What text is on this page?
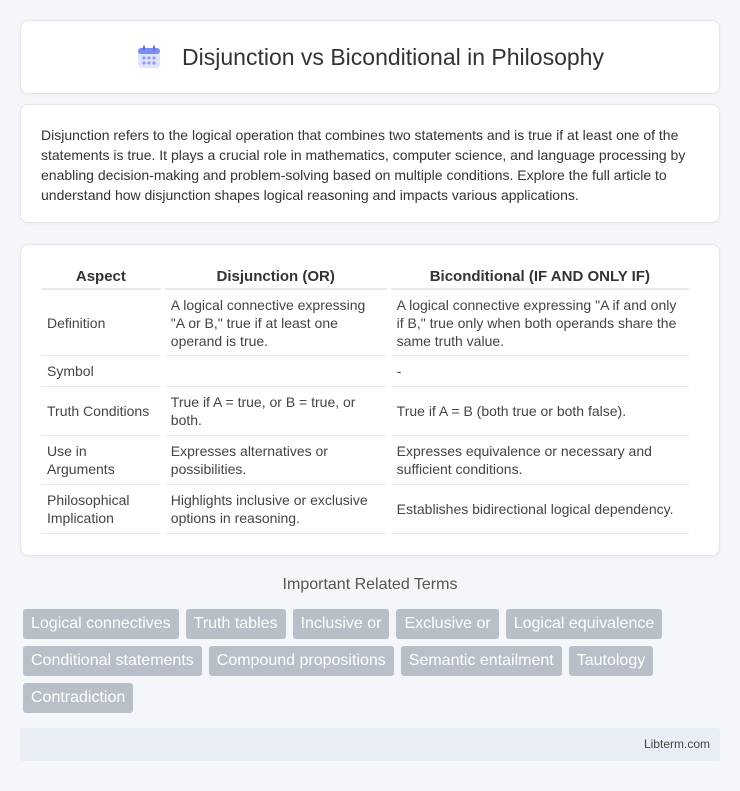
Disjunction vs Biconditional in Philosophy

Disjunction refers to the logical operation that combines two statements and is true if at least one of the statements is true. It plays a crucial role in mathematics, computer science, and language processing by enabling decision-making and problem-solving based on multiple conditions. Explore the full article to understand how disjunction shapes logical reasoning and impacts various applications.

Aspect	Disjunction (OR)	Biconditional (IF AND ONLY IF)
Definition	A logical connective expressing "A or B," true if at least one operand is true.	A logical connective expressing "A if and only if B," true only when both operands share the same truth value.
Symbol		-
Truth Conditions	True if A = true, or B = true, or both.	True if A = B (both true or both false).
Use in Arguments	Expresses alternatives or possibilities.	Expresses equivalence or necessary and sufficient conditions.
Philosophical Implication	Highlights inclusive or exclusive options in reasoning.	Establishes bidirectional logical dependency.
Important Related Terms
Logical connectives	Truth tables	Inclusive or	Exclusive or	Logical equivalence
Conditional statements	Compound propositions	Semantic entailment	Tautology
Contradiction
Libterm.com
